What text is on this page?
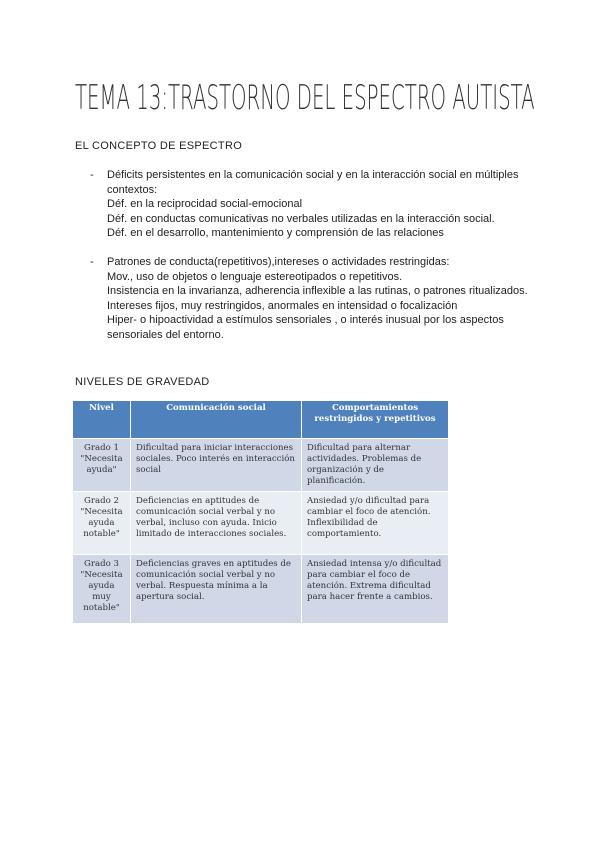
TEMA 13:TRASTORNO DEL ESPECTRO AUTISTA
EL CONCEPTO DE ESPECTRO
- Déficits persistentes en la comunicación social y en la interacción social en múltiples contextos:
Déf. en la reciprocidad social-emocional
Déf. en conductas comunicativas no verbales utilizadas en la interacción social.
Déf. en el desarrollo, mantenimiento y comprensión de las relaciones
- Patrones de conducta(repetitivos),intereses o actividades restringidas:
Mov., uso de objetos o lenguaje estereotipados o repetitivos.
Insistencia en la invarianza, adherencia inflexible a las rutinas, o patrones ritualizados.
Intereses fijos, muy restringidos, anormales en intensidad o focalización
Hiper- o hipoactividad a estímulos sensoriales , o interés inusual por los aspectos sensoriales del entorno.
NIVELES DE GRAVEDAD
Nivel	Comunicación social	Comportamientos restringidos y repetitivos
Grado 1 "Necesita ayuda"	Dificultad para iniciar interacciones sociales. Poco interés en interacción social	Dificultad para alternar actividades. Problemas de organización y de planificación.
Grado 2 "Necesita ayuda notable"	Deficiencias en aptitudes de comunicación social verbal y no verbal, incluso con ayuda. Inicio limitado de interacciones sociales.	Ansiedad y/o dificultad para cambiar el foco de atención. Inflexibilidad de comportamiento.
Grado 3 "Necesita ayuda muy notable"	Deficiencias graves en aptitudes de comunicación social verbal y no verbal. Respuesta mínima a la apertura social.	Ansiedad intensa y/o dificultad para cambiar el foco de atención. Extrema dificultad para hacer frente a cambios.
